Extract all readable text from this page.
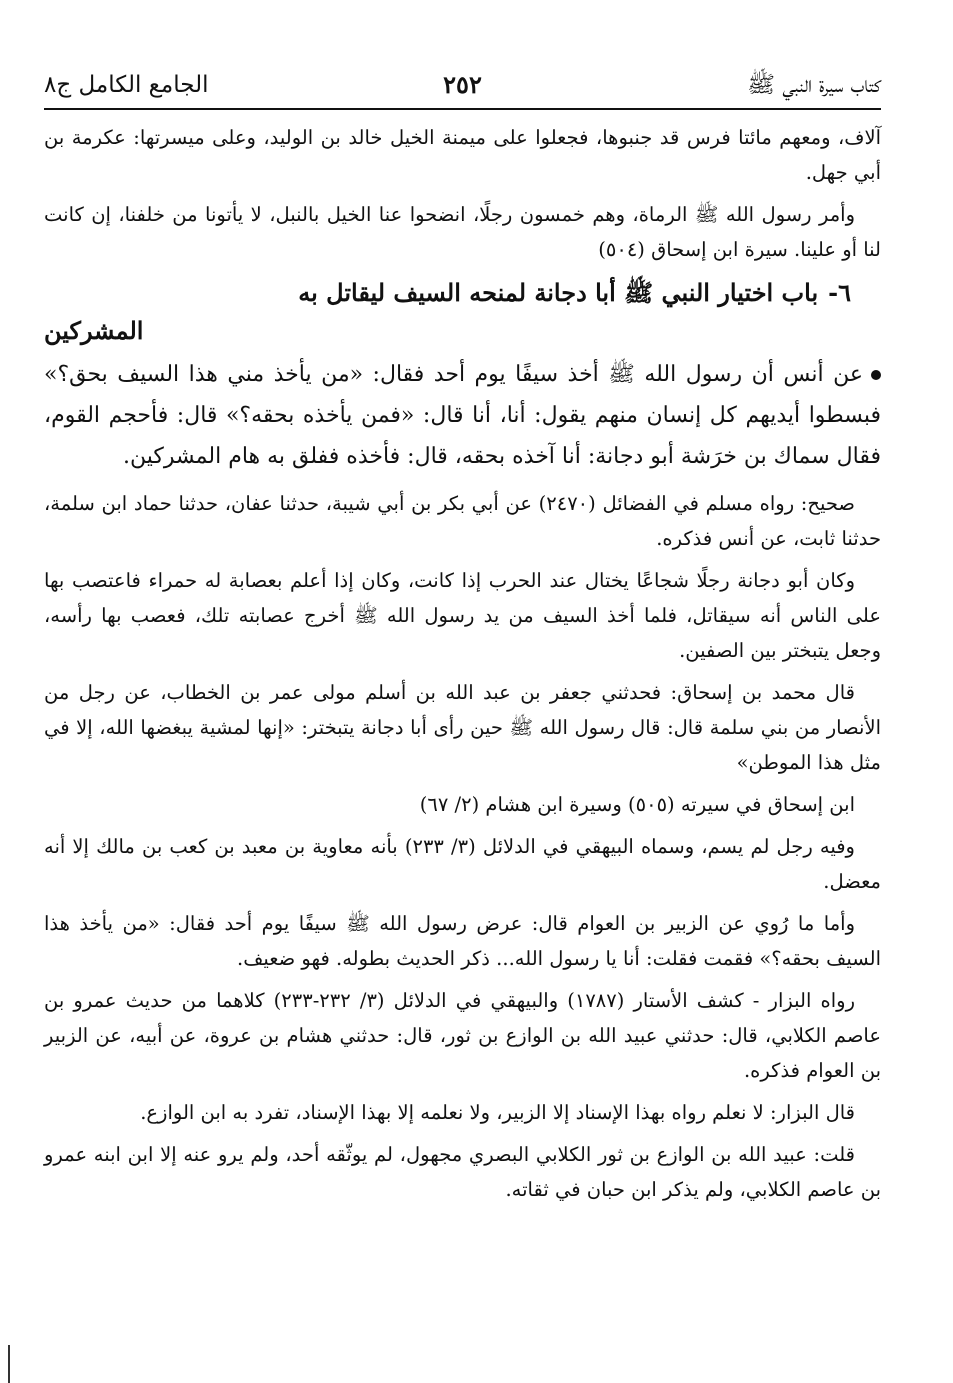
كتاب سيرة النبي ﷺ
٢٥٢
الجامع الكامل ج٨

آلاف، ومعهم مائتا فرس قد جنبوها، فجعلوا على ميمنة الخيل خالد بن الوليد، وعلى ميسرتها: عكرمة بن أبي جهل.

وأمر رسول الله ﷺ الرماة، وهم خمسون رجلًا، انضحوا عنا الخيل بالنبل، لا يأتونا من خلفنا، إن كانت لنا أو علينا. سيرة ابن إسحاق (٥٠٤)

٦-باب اختيار النبي ﷺ أبا دجانة لمنحه السيف ليقاتل به
المشركين

عن أنس أن رسول الله ﷺ أخذ سيفًا يوم أحد فقال: «من يأخذ مني هذا السيف بحق؟» فبسطوا أيديهم كل إنسان منهم يقول: أنا، أنا قال: «فمن يأخذه بحقه؟» قال: فأحجم القوم، فقال سماك بن خرَشة أبو دجانة: أنا آخذه بحقه، قال: فأخذه ففلق به هام المشركين.

صحيح: رواه مسلم في الفضائل (٢٤٧٠) عن أبي بكر بن أبي شيبة، حدثنا عفان، حدثنا حماد ابن سلمة، حدثنا ثابت، عن أنس فذكره.

وكان أبو دجانة رجلًا شجاعًا يختال عند الحرب إذا كانت، وكان إذا أعلم بعصابة له حمراء فاعتصب بها على الناس أنه سيقاتل، فلما أخذ السيف من يد رسول الله ﷺ أخرج عصابته تلك، فعصب بها رأسه، وجعل يتبختر بين الصفين.

قال محمد بن إسحاق: فحدثني جعفر بن عبد الله بن أسلم مولى عمر بن الخطاب، عن رجل من الأنصار من بني سلمة قال: قال رسول الله ﷺ حين رأى أبا دجانة يتبختر: «إنها لمشية يبغضها الله، إلا في مثل هذا الموطن»

ابن إسحاق في سيرته (٥٠٥) وسيرة ابن هشام (٢/ ٦٧)

وفيه رجل لم يسم، وسماه البيهقي في الدلائل (٣/ ٢٣٣) بأنه معاوية بن معبد بن كعب بن مالك إلا أنه معضل.

وأما ما رُوي عن الزبير بن العوام قال: عرض رسول الله ﷺ سيفًا يوم أحد فقال: «من يأخذ هذا السيف بحقه؟» فقمت فقلت: أنا يا رسول الله... ذكر الحديث بطوله. فهو ضعيف.

رواه البزار - كشف الأستار (١٧٨٧) والبيهقي في الدلائل (٣/ ٢٣٢-٢٣٣) كلاهما من حديث عمرو بن عاصم الكلابي، قال: حدثني عبيد الله بن الوازع بن ثور، قال: حدثني هشام بن عروة، عن أبيه، عن الزبير بن العوام فذكره.

قال البزار: لا نعلم رواه بهذا الإسناد إلا الزبير، ولا نعلمه إلا بهذا الإسناد، تفرد به ابن الوازع.

قلت: عبيد الله بن الوازع بن ثور الكلابي البصري مجهول، لم يوثّقه أحد، ولم يرو عنه إلا ابن ابنه عمرو بن عاصم الكلابي، ولم يذكر ابن حبان في ثقاته.
